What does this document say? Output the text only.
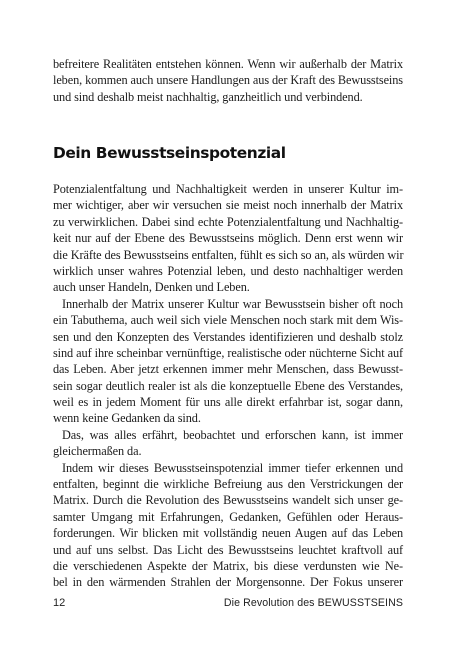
befreitere Realitäten entstehen können. Wenn wir außerhalb der Matrix
leben, kommen auch unsere Handlungen aus der Kraft des Bewusstseins
und sind deshalb meist nachhaltig, ganzheitlich und verbindend.
Dein Bewusstseinspotenzial
Potenzialentfaltung und Nachhaltigkeit werden in unserer Kultur im-
mer wichtiger, aber wir versuchen sie meist noch innerhalb der Matrix
zu verwirklichen. Dabei sind echte Potenzialentfaltung und Nachhaltig-
keit nur auf der Ebene des Bewusstseins möglich. Denn erst wenn wir
die Kräfte des Bewusstseins entfalten, fühlt es sich so an, als würden wir
wirklich unser wahres Potenzial leben, und desto nachhaltiger werden
auch unser Handeln, Denken und Leben.
Innerhalb der Matrix unserer Kultur war Bewusstsein bisher oft noch
ein Tabuthema, auch weil sich viele Menschen noch stark mit dem Wis-
sen und den Konzepten des Verstandes identifizieren und deshalb stolz
sind auf ihre scheinbar vernünftige, realistische oder nüchterne Sicht auf
das Leben. Aber jetzt erkennen immer mehr Menschen, dass Bewusst-
sein sogar deutlich realer ist als die konzeptuelle Ebene des Verstandes,
weil es in jedem Moment für uns alle direkt erfahrbar ist, sogar dann,
wenn keine Gedanken da sind.
Das, was alles erfährt, beobachtet und erforschen kann, ist immer
gleichermaßen da.
Indem wir dieses Bewusstseinspotenzial immer tiefer erkennen und
entfalten, beginnt die wirkliche Befreiung aus den Verstrickungen der
Matrix. Durch die Revolution des Bewusstseins wandelt sich unser ge-
samter Umgang mit Erfahrungen, Gedanken, Gefühlen oder Heraus-
forderungen. Wir blicken mit vollständig neuen Augen auf das Leben
und auf uns selbst. Das Licht des Bewusstseins leuchtet kraftvoll auf
die verschiedenen Aspekte der Matrix, bis diese verdunsten wie Ne-
bel in den wärmenden Strahlen der Morgensonne. Der Fokus unserer
12	Die Revolution des BEWUSSTSEINS
